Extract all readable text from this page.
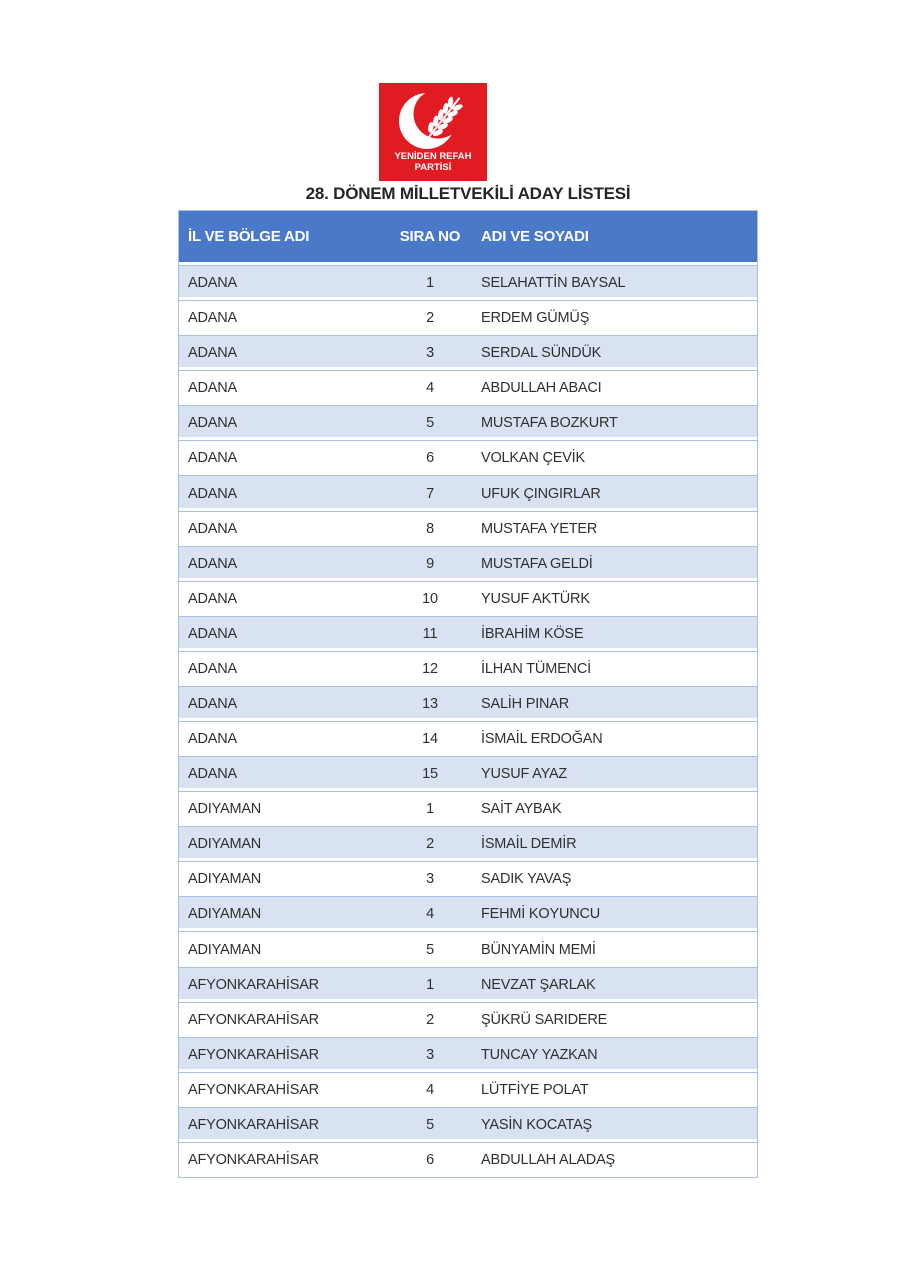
YENİDEN REFAH
PARTİSİ
28. DÖNEM MİLLETVEKİLİ ADAY LİSTESİ
İL VE BÖLGE ADI	SIRA NO	ADI VE SOYADI
ADANA	1	SELAHATTİN BAYSAL
ADANA	2	ERDEM GÜMÜŞ
ADANA	3	SERDAL SÜNDÜK
ADANA	4	ABDULLAH ABACI
ADANA	5	MUSTAFA BOZKURT
ADANA	6	VOLKAN ÇEVİK
ADANA	7	UFUK ÇINGIRLAR
ADANA	8	MUSTAFA YETER
ADANA	9	MUSTAFA GELDİ
ADANA	10	YUSUF AKTÜRK
ADANA	11	İBRAHİM KÖSE
ADANA	12	İLHAN TÜMENCİ
ADANA	13	SALİH PINAR
ADANA	14	İSMAİL ERDOĞAN
ADANA	15	YUSUF AYAZ
ADIYAMAN	1	SAİT AYBAK
ADIYAMAN	2	İSMAİL DEMİR
ADIYAMAN	3	SADIK YAVAŞ
ADIYAMAN	4	FEHMİ KOYUNCU
ADIYAMAN	5	BÜNYAMİN MEMİ
AFYONKARAHİSAR	1	NEVZAT ŞARLAK
AFYONKARAHİSAR	2	ŞÜKRÜ SARIDERE
AFYONKARAHİSAR	3	TUNCAY YAZKAN
AFYONKARAHİSAR	4	LÜTFİYE POLAT
AFYONKARAHİSAR	5	YASİN KOCATAŞ
AFYONKARAHİSAR	6	ABDULLAH ALADAŞ
